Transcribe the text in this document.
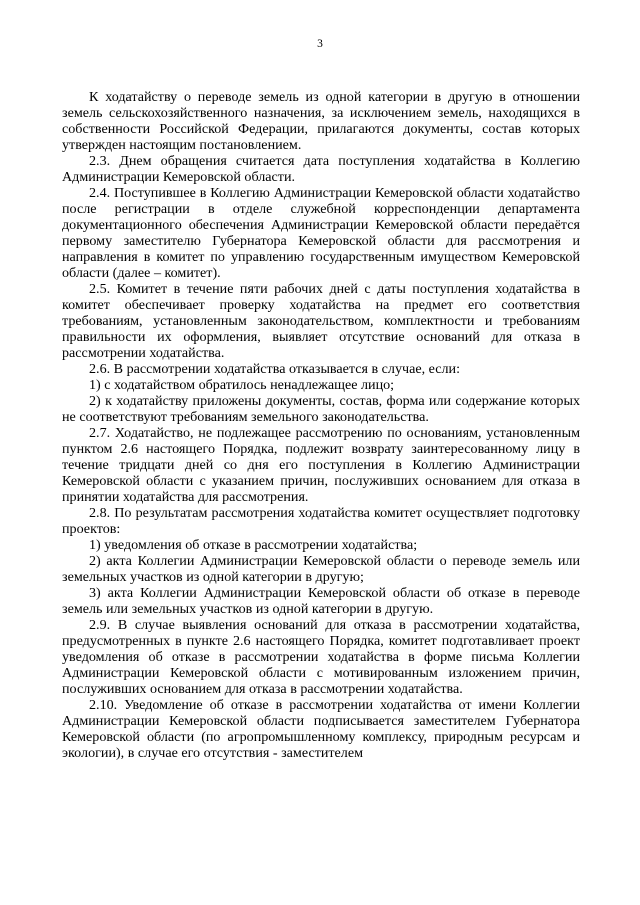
3

К ходатайству о переводе земель из одной категории в другую в отношении земель сельскохозяйственного назначения, за исключением земель, находящихся в собственности Российской Федерации, прилагаются документы, состав которых утвержден настоящим постановлением.

2.3. Днем обращения считается дата поступления ходатайства в Коллегию Администрации Кемеровской области.

2.4. Поступившее в Коллегию Администрации Кемеровской области ходатайство после регистрации в отделе служебной корреспонденции департамента документационного обеспечения Администрации Кемеровской области передаётся первому заместителю Губернатора Кемеровской области для рассмотрения и направления в комитет по управлению государственным имуществом Кемеровской области (далее – комитет).

2.5. Комитет в течение пяти рабочих дней с даты поступления ходатайства в комитет обеспечивает проверку ходатайства на предмет его соответствия требованиям, установленным законодательством, комплектности и требованиям правильности их оформления, выявляет отсутствие оснований для отказа в рассмотрении ходатайства.

2.6. В рассмотрении ходатайства отказывается в случае, если:

1) с ходатайством обратилось ненадлежащее лицо;

2) к ходатайству приложены документы, состав, форма или содержание которых не соответствуют требованиям земельного законодательства.

2.7. Ходатайство, не подлежащее рассмотрению по основаниям, установленным пунктом 2.6 настоящего Порядка, подлежит возврату заинтересованному лицу в течение тридцати дней со дня его поступления в Коллегию Администрации Кемеровской области с указанием причин, послуживших основанием для отказа в принятии ходатайства для рассмотрения.

2.8. По результатам рассмотрения ходатайства комитет осуществляет подготовку проектов:

1) уведомления об отказе в рассмотрении ходатайства;

2) акта Коллегии Администрации Кемеровской области о переводе земель или земельных участков из одной категории в другую;

3) акта Коллегии Администрации Кемеровской области об отказе в переводе земель или земельных участков из одной категории в другую.

2.9. В случае выявления оснований для отказа в рассмотрении ходатайства, предусмотренных в пункте 2.6 настоящего Порядка, комитет подготавливает проект уведомления об отказе в рассмотрении ходатайства в форме письма Коллегии Администрации Кемеровской области с мотивированным изложением причин, послуживших основанием для отказа в рассмотрении ходатайства.

2.10. Уведомление об отказе в рассмотрении ходатайства от имени Коллегии Администрации Кемеровской области подписывается заместителем Губернатора Кемеровской области (по агропромышленному комплексу, природным ресурсам и экологии), в случае его отсутствия - заместителем
